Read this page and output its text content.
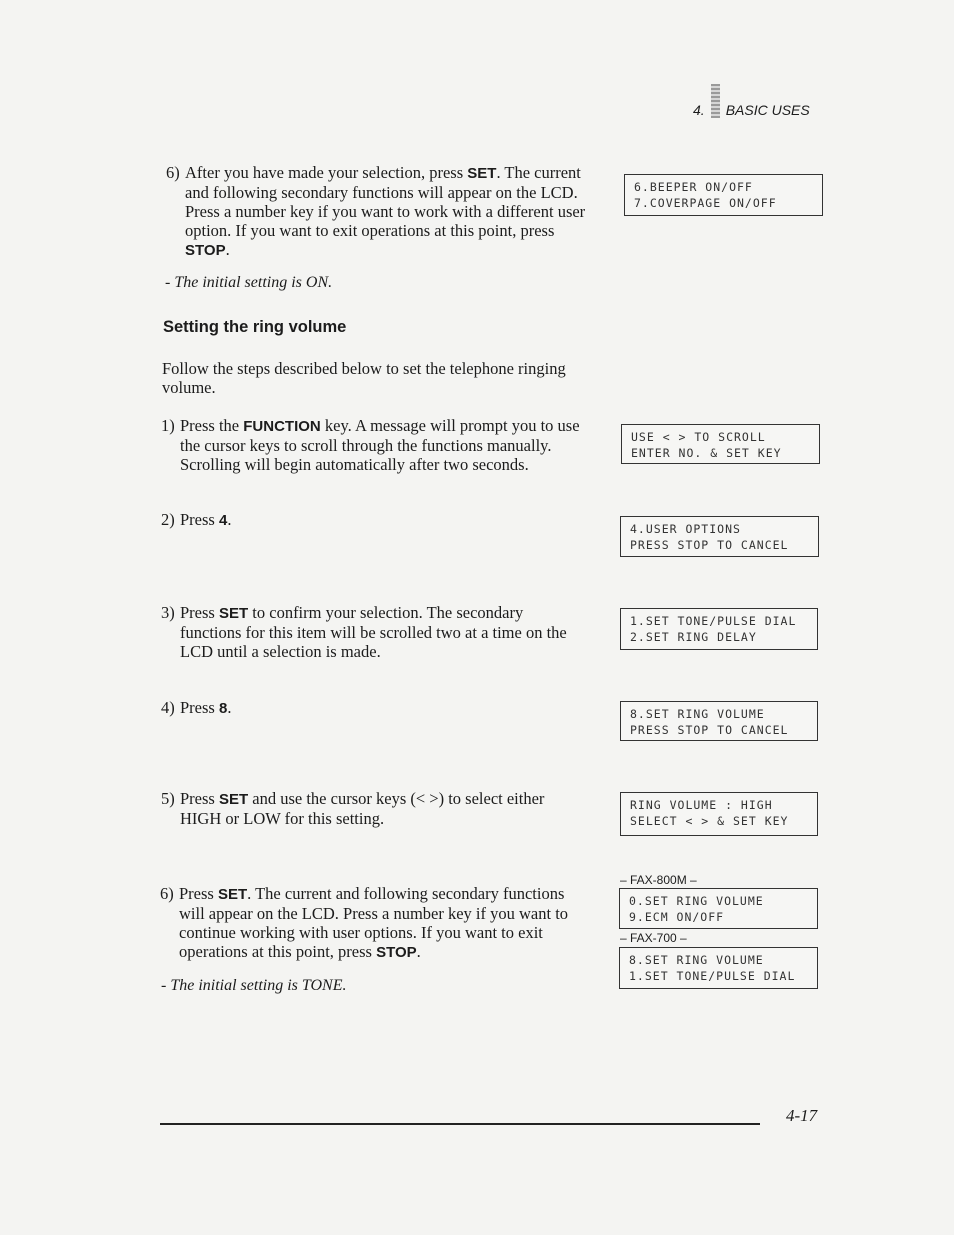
4. BASIC USES
6) After you have made your selection, press SET. The current and following secondary functions will appear on the LCD. Press a number key if you want to work with a different user option. If you want to exit operations at this point, press STOP.
6.BEEPER ON/OFF
7.COVERPAGE ON/OFF
- The initial setting is ON.
Setting the ring volume
Follow the steps described below to set the telephone ringing volume.
1) Press the FUNCTION key. A message will prompt you to use the cursor keys to scroll through the functions manually. Scrolling will begin automatically after two seconds.
USE < > TO SCROLL
ENTER NO. & SET KEY
2) Press 4.	4.USER OPTIONS
PRESS STOP TO CANCEL
3) Press SET to confirm your selection. The secondary functions for this item will be scrolled two at a time on the LCD until a selection is made.
1.SET TONE/PULSE DIAL
2.SET RING DELAY
4) Press 8.	8.SET RING VOLUME
PRESS STOP TO CANCEL
5) Press SET and use the cursor keys (< >) to select either HIGH or LOW for this setting.
RING VOLUME : HIGH
SELECT < > & SET KEY
6) Press SET. The current and following secondary functions will appear on the LCD. Press a number key if you want to continue working with user options. If you want to exit operations at this point, press STOP.
– FAX-800M –
0.SET RING VOLUME
9.ECM ON/OFF
– FAX-700 –
8.SET RING VOLUME
1.SET TONE/PULSE DIAL
- The initial setting is TONE.
4-17
